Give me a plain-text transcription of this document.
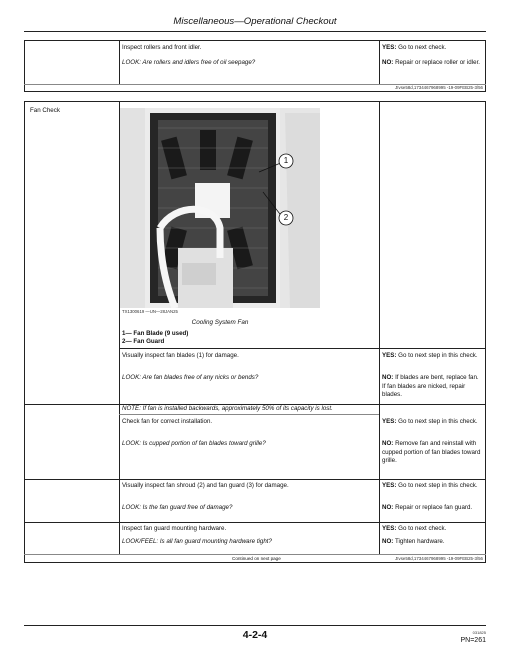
Miscellaneous—Operational Checkout
Inspect rollers and front idler.	YES: Go to next check.
LOOK: Are rollers and idlers free of oil seepage?	NO: Repair or replace roller or idler.
JIvse58d,1734467968995 -19-09FEB25-3/56
Fan Check
1
2
TX1300619 —UN—28JAN25
Cooling System Fan
1— Fan Blade (9 used)
2— Fan Guard
Visually inspect fan blades (1) for damage.	YES: Go to next step in this check.
LOOK: Are fan blades free of any nicks or bends?	NO: If blades are bent, replace fan. If fan blades are nicked, repair blades.
NOTE: If fan is installed backwards, approximately 50% of its capacity is lost.
Check fan for correct installation.	YES: Go to next step in this check.
LOOK: Is cupped portion of fan blades toward grille?	NO: Remove fan and reinstall with cupped portion of fan blades toward grille.
Visually inspect fan shroud (2) and fan guard (3) for damage.	YES: Go to next step in this check.
LOOK: Is the fan guard free of damage?	NO: Repair or replace fan guard.
Inspect fan guard mounting hardware.	YES: Go to next check.
LOOK/FEEL: Is all fan guard mounting hardware tight?	NO: Tighten hardware.
Continued on next page	JIvse58d,1734467968995 -19-09FEB25-3/56
4-2-4	031825
PN=261
